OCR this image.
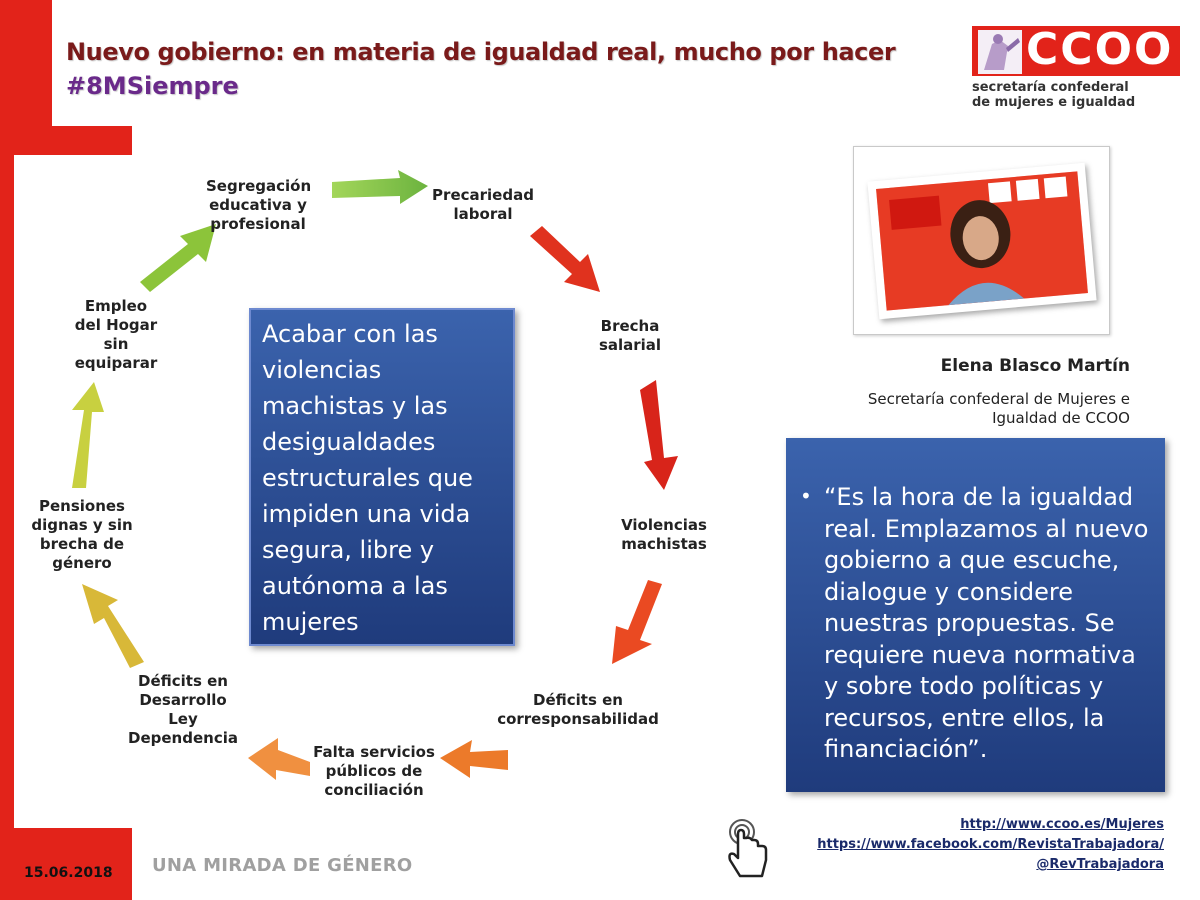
Nuevo gobierno: en materia de igualdad real, mucho por hacer
#8MSiempre
CCOO
secretaría confederal
de mujeres e igualdad
Segregación
educativa y
profesional
Precariedad
laboral
Brecha
salarial
Violencias
machistas
Déficits en
corresponsabilidad
Falta servicios
públicos de
conciliación
Déficits en
Desarrollo
Ley
Dependencia
Pensiones
dignas y sin
brecha de
género
Empleo
del Hogar
sin
equiparar
Acabar con las violencias machistas y las desigualdades estructurales que impiden una vida segura, libre y autónoma a las mujeres
Elena Blasco Martín
Secretaría confederal de Mujeres e
Igualdad de CCOO
• “Es la hora de la igualdad real. Emplazamos al nuevo gobierno a que escuche, dialogue y considere nuestras propuestas. Se requiere nueva normativa y sobre todo políticas y recursos, entre ellos, la financiación”.
http://www.ccoo.es/Mujeres
https://www.facebook.com/RevistaTrabajadora/
@RevTrabajadora
15.06.2018 UNA MIRADA DE GÉNERO
